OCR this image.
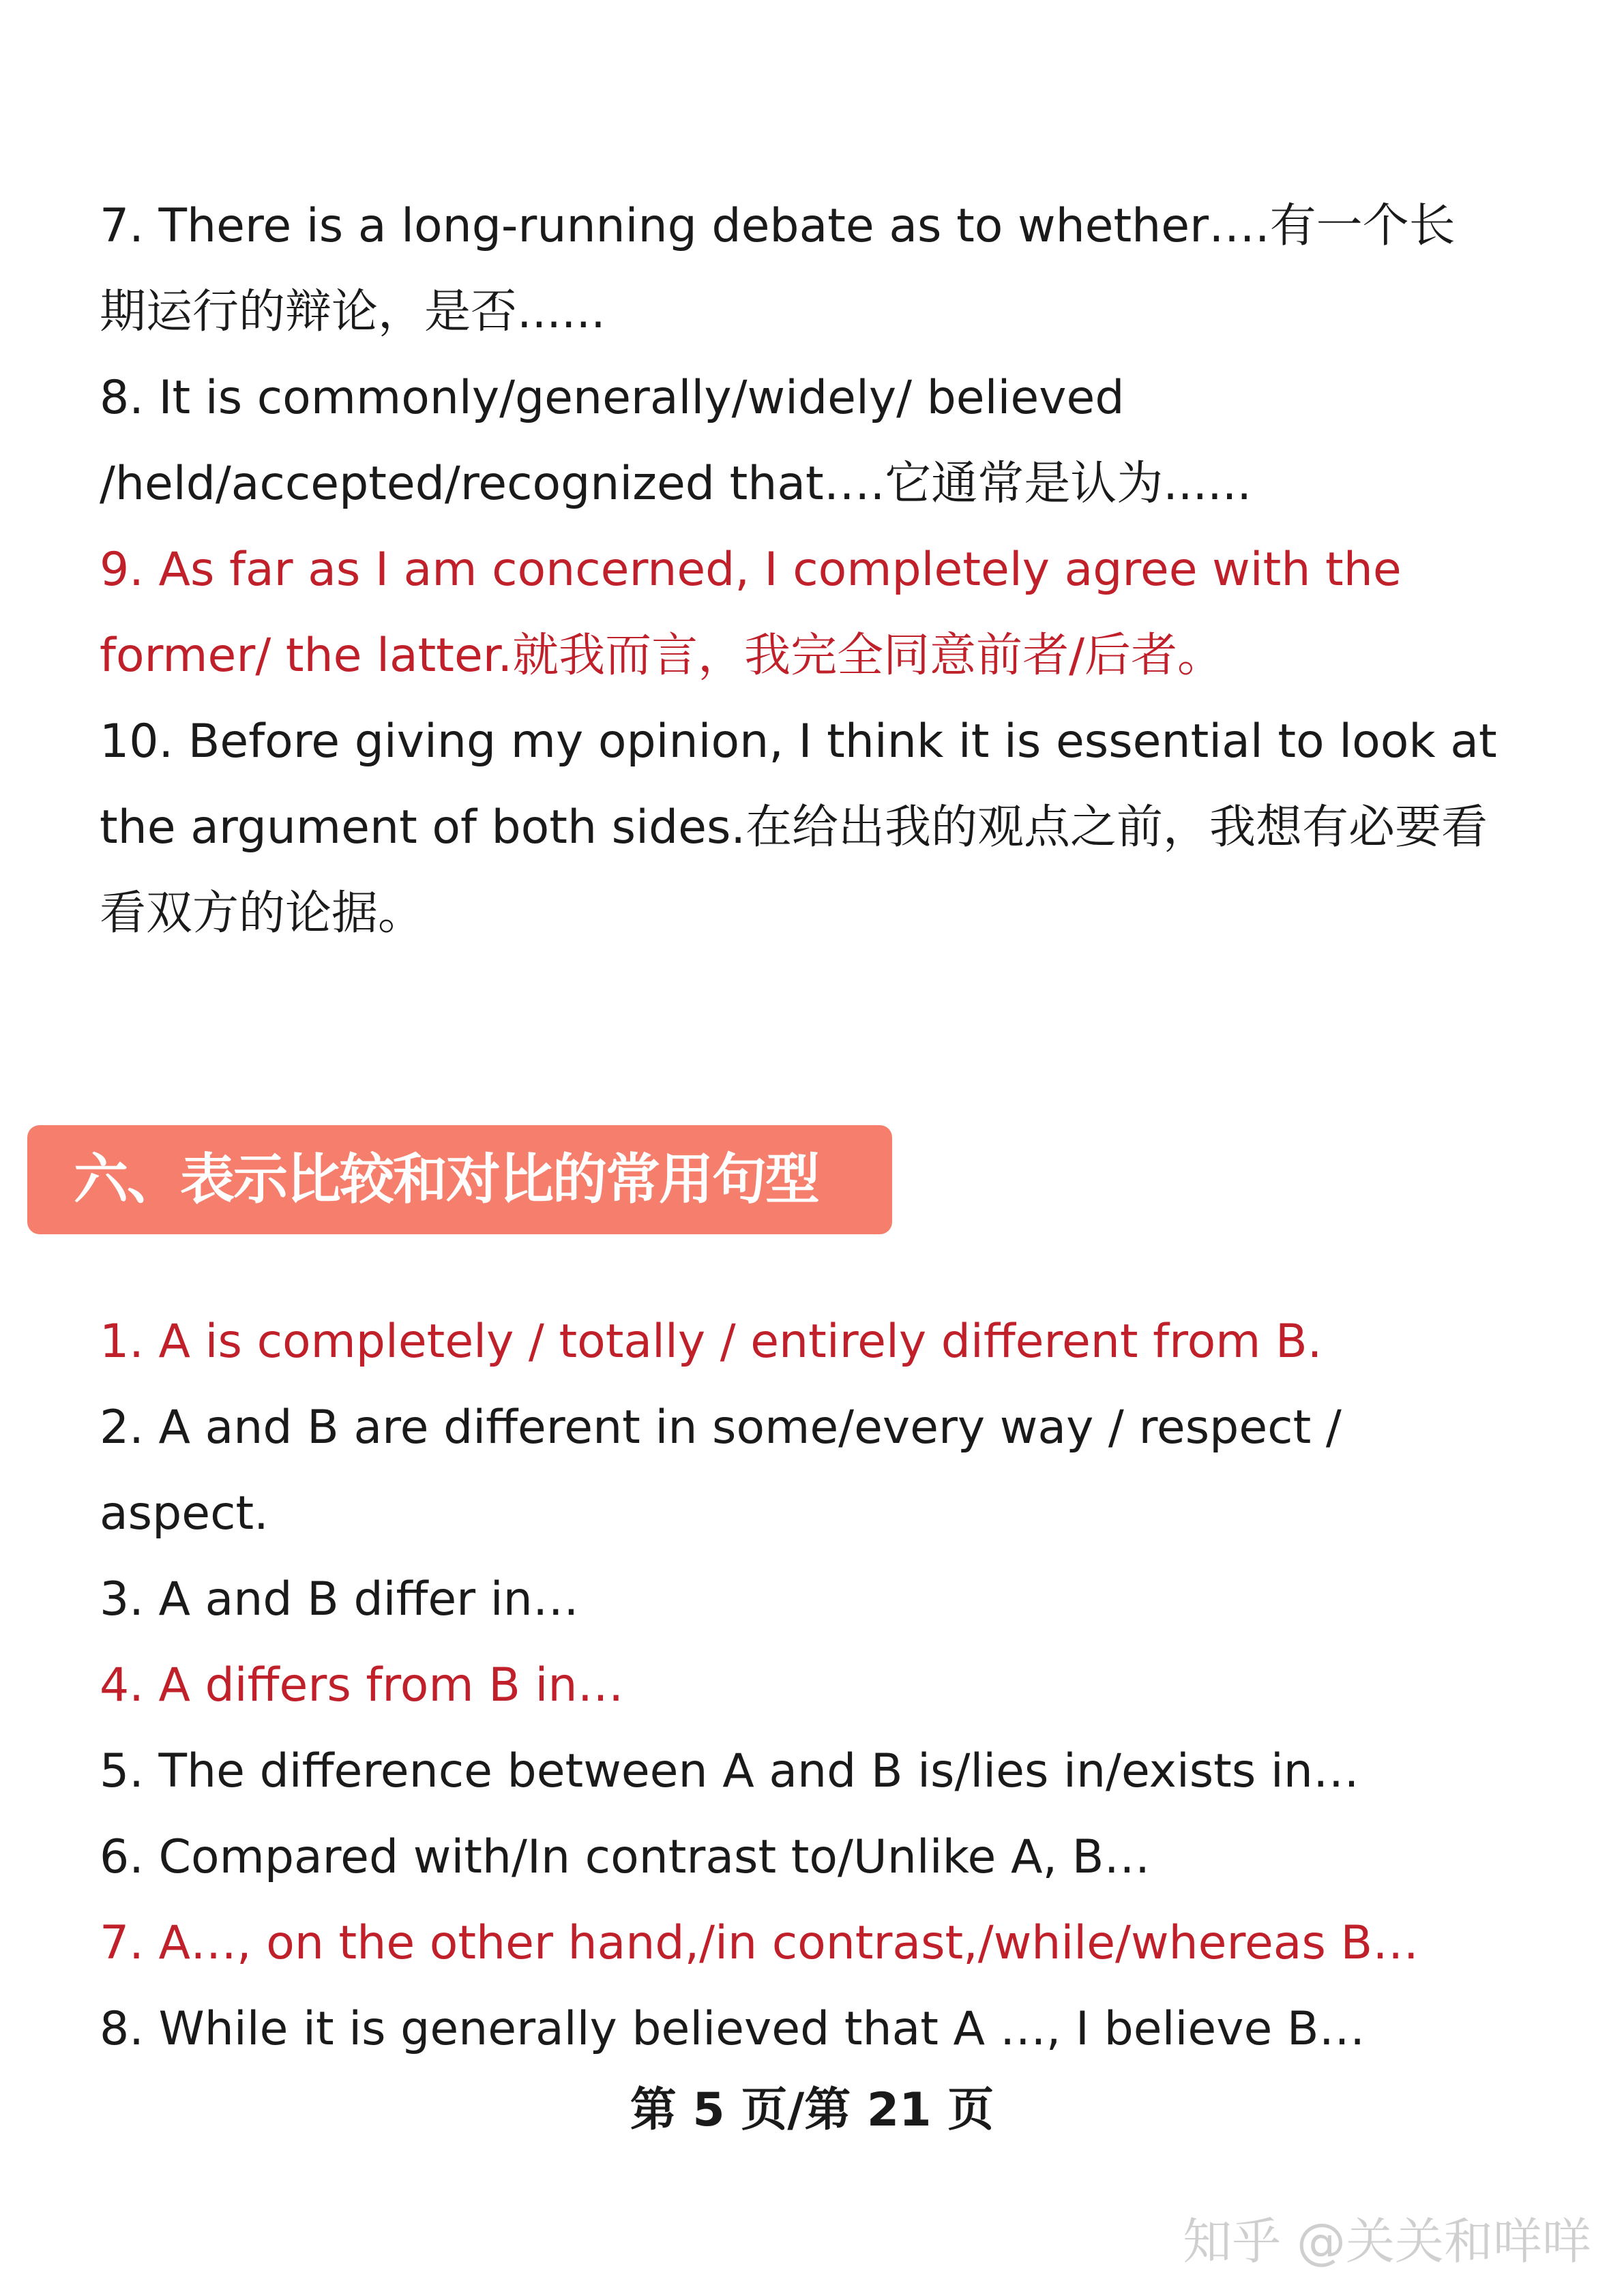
7. There is a long-running debate as to whether….有一个长
期运行的辩论，是否......
8. It is commonly/generally/widely/ believed
/held/accepted/recognized that….它通常是认为......
9. As far as I am concerned, I completely agree with the
former/ the latter.就我而言，我完全同意前者/后者。
10. Before giving my opinion, I think it is essential to look at
the argument of both sides.在给出我的观点之前，我想有必要看
看双方的论据。
六、表示比较和对比的常用句型
1. A is completely / totally / entirely different from B.
2. A and B are different in some/every way / respect /
aspect.
3. A and B differ in…
4. A differs from B in…
5. The difference between A and B is/lies in/exists in…
6. Compared with/In contrast to/Unlike A, B…
7. A…, on the other hand,/in contrast,/while/whereas B…
8. While it is generally believed that A …, I believe B…
第 5 页/第 21 页
知乎 @关关和咩咩
